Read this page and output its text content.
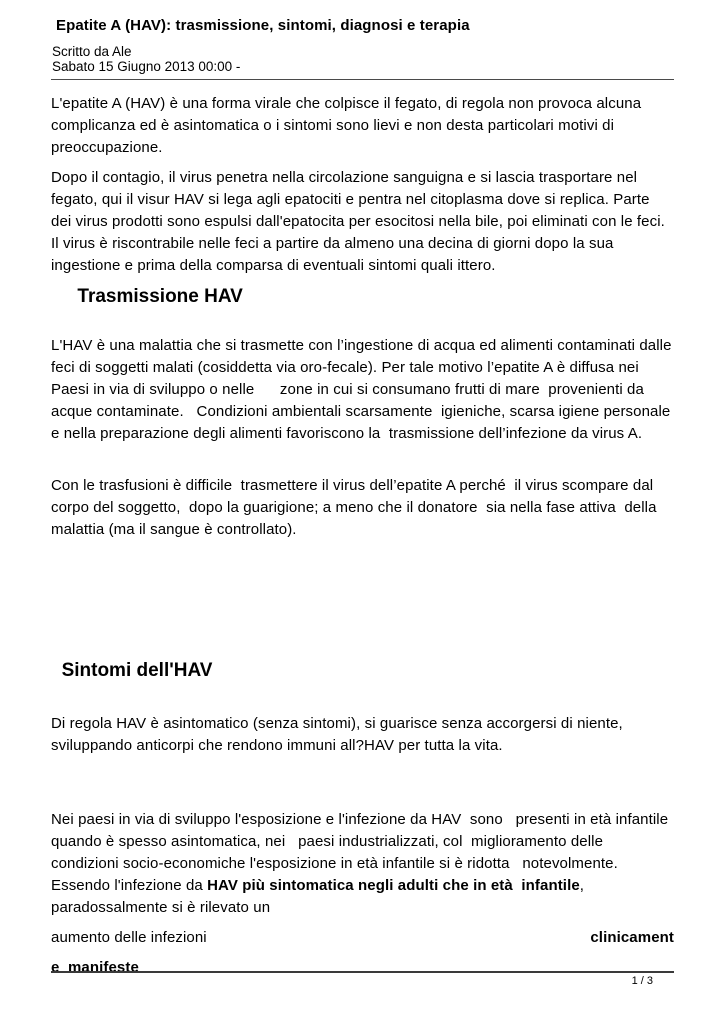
Epatite A (HAV): trasmissione, sintomi, diagnosi e terapia
Scritto da Ale
Sabato 15 Giugno 2013 00:00 -

L'epatite A (HAV) è una forma virale che colpisce il fegato, di regola non provoca alcuna complicanza ed è asintomatica o i sintomi sono lievi e non desta particolari motivi di preoccupazione.

Dopo il contagio, il virus penetra nella circolazione sanguigna e si lascia trasportare nel fegato, qui il visur HAV si lega agli epatociti e pentra nel citoplasma dove si replica. Parte dei virus prodotti sono espulsi dall'epatocita per esocitosi nella bile, poi eliminati con le feci. Il virus è riscontrabile nelle feci a partire da almeno una decina di giorni dopo la sua ingestione e prima della comparsa di eventuali sintomi quali ittero.

Trasmissione HAV

L'HAV è una malattia che si trasmette con l’ingestione di acqua ed alimenti contaminati dalle feci di soggetti malati (cosiddetta via oro-fecale). Per tale motivo l’epatite A è diffusa nei Paesi in via di sviluppo o nelle      zone in cui si consumano frutti di mare  provenienti da acque contaminate.   Condizioni ambientali scarsamente  igieniche, scarsa igiene personale e nella preparazione degli alimenti favoriscono la  trasmissione dell’infezione da virus A.

Con le trasfusioni è difficile  trasmettere il virus dell’epatite A perché  il virus scompare dal corpo del soggetto,  dopo la guarigione; a meno che il donatore  sia nella fase attiva  della malattia (ma il sangue è controllato).

Sintomi dell'HAV

Di regola HAV è asintomatico (senza sintomi), si guarisce senza accorgersi di niente, sviluppando anticorpi che rendono immuni all?HAV per tutta la vita.

Nei paesi in via di sviluppo l'esposizione e l'infezione da HAV  sono   presenti in età infantile quando è spesso asintomatica, nei   paesi industrializzati, col  miglioramento delle condizioni socio-economiche l'esposizione in età infantile si è ridotta   notevolmente. Essendo l'infezione da HAV più sintomatica negli adulti che in età  infantile, paradossalmente si è rilevato un

aumento delle infezioni	clinicament

e  manifeste

1 / 3
